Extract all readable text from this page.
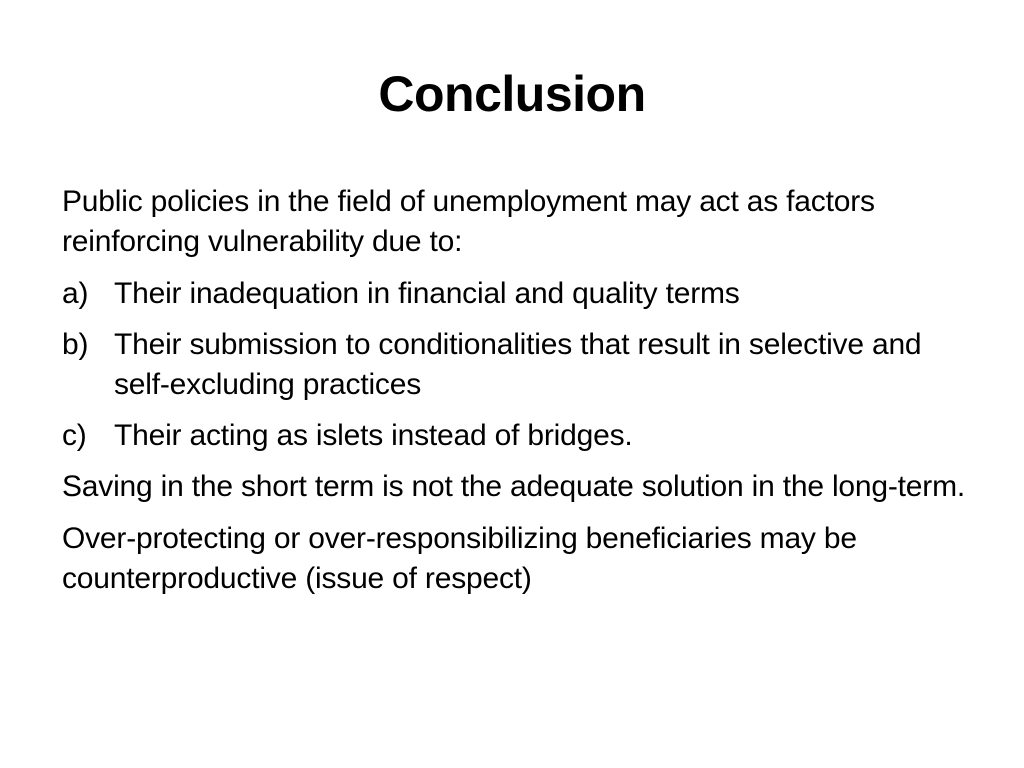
Conclusion

Public policies in the field of unemployment may act as factors reinforcing vulnerability due to:

a) Their inadequation in financial and quality terms
b) Their submission to conditionalities that result in selective and self-excluding practices
c) Their acting as islets instead of bridges.

Saving in the short term is not the adequate solution in the long-term.

Over-protecting or over-responsibilizing beneficiaries may be counterproductive (issue of respect)
